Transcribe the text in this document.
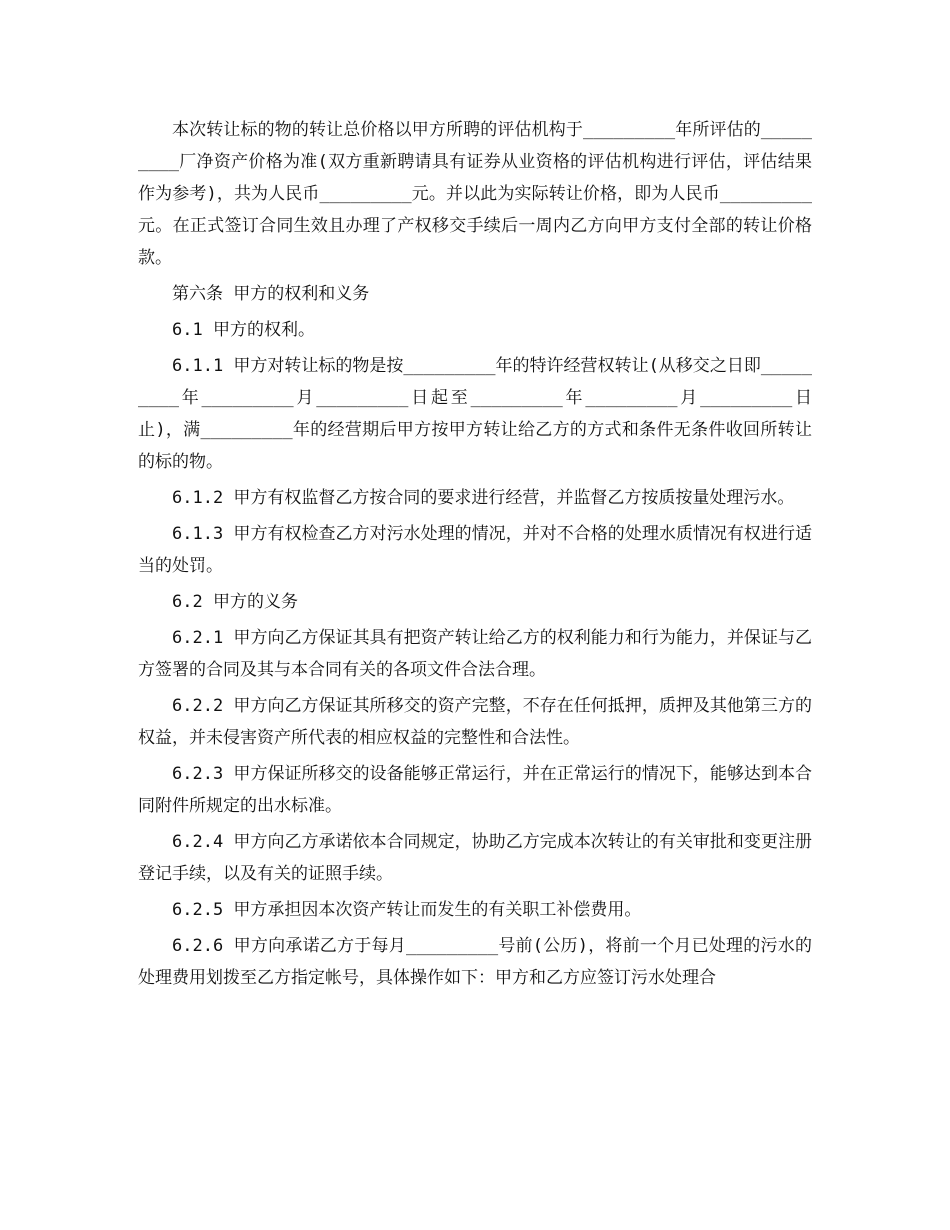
本次转让标的物的转让总价格以甲方所聘的评估机构于_________年所评估的_________厂净资产价格为准(双方重新聘请具有证券从业资格的评估机构进行评估，评估结果作为参考)，共为人民币_________元。并以此为实际转让价格，即为人民币_________元。在正式签订合同生效且办理了产权移交手续后一周内乙方向甲方支付全部的转让价格款。

第六条 甲方的权利和义务

6.1 甲方的权利。

6.1.1 甲方对转让标的物是按_________年的特许经营权转让(从移交之日即_________年_________月_________日起至_________年_________月_________日止)，满_________年的经营期后甲方按甲方转让给乙方的方式和条件无条件收回所转让的标的物。

6.1.2 甲方有权监督乙方按合同的要求进行经营，并监督乙方按质按量处理污水。

6.1.3 甲方有权检查乙方对污水处理的情况，并对不合格的处理水质情况有权进行适当的处罚。

6.2 甲方的义务

6.2.1 甲方向乙方保证其具有把资产转让给乙方的权利能力和行为能力，并保证与乙方签署的合同及其与本合同有关的各项文件合法合理。

6.2.2 甲方向乙方保证其所移交的资产完整，不存在任何抵押，质押及其他第三方的权益，并未侵害资产所代表的相应权益的完整性和合法性。

6.2.3 甲方保证所移交的设备能够正常运行，并在正常运行的情况下，能够达到本合同附件所规定的出水标准。

6.2.4 甲方向乙方承诺依本合同规定，协助乙方完成本次转让的有关审批和变更注册登记手续，以及有关的证照手续。

6.2.5 甲方承担因本次资产转让而发生的有关职工补偿费用。

6.2.6 甲方向承诺乙方于每月_________号前(公历)，将前一个月已处理的污水的处理费用划拨至乙方指定帐号，具体操作如下：甲方和乙方应签订污水处理合
